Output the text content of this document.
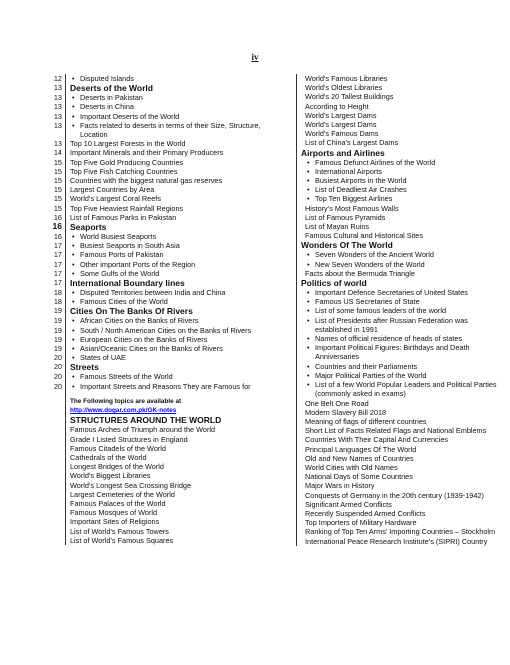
iv
12	• Disputed Islands
13 Deserts of the World
13	• Deserts in Pakistan
13	• Deserts in China
13	• Important Deserts of the World
13	• Facts related to deserts in terms of their Size, Structure, Location
13	Top 10 Largest Forests in the World
14	Important Minerals and their Primary Producers
15	Top Five Gold Producing Countries
15	Top Five Fish Catching Countries
15	Countries with the biggest natural gas reserves
15	Largest Countries by Area
15	World’s Largest Coral Reefs
15	Top Five Heaviest Rainfall Regions
16	List of Famous Parks in Pakistan
16 Seaports
16	• World Busiest Seaports
17	• Busiest Seaports in South Asia
17	• Famous Ports of Pakistan
17	• Other important Ports of the Region
17	• Some Gulfs of the World
17 International Boundary lines
18	• Disputed Territories between India and China
18	• Famous Cities of the World
19 Cities On The Banks Of Rivers
19	• African Cities on the Banks of Rivers
19	• South / North American Cities on the Banks of Rivers
19	• European Cities on the Banks of Rivers
19	• Asian/Oceanic Cities on the Banks of Rivers
20	• States of UAE
20 Streets
20	• Famous Streets of the World
20	• Important Streets and Reasons They are Famous for
The Following topics are available at
http://www.dogar.com.pk/GK-notes
STRUCTURES AROUND THE WORLD
Famous Arches of Triumph around the World
Grade I Listed Structures in England
Famous Citadels of the World
Cathedrals of the World
Longest Bridges of the World
World’s Biggest Libraries
World’s Longest Sea Crossing Bridge
Largest Cemeteries of the World
Famous Palaces of the World
Famous Mosques of World
Important Sites of Religions
List of World’s Famous Towers
List of World’s Famous Squares
World’s Famous Libraries
World’s Oldest Libraries
World’s 20 Tallest Buildings
According to Height
World’s Largest Dams
World’s Largest Dams
World’s Famous Dams
List of China’s Largest Dams
Airports and Airlines
• Famous Defunct Airlines of the World
• International Airports
• Busiest Airports in the World
• List of Deadliest Air Crashes
• Top Ten Biggest Airlines
History’s Most Famous Walls
List of Famous Pyramids
List of Mayan Ruins
Famous Cultural and Historical Sites
Wonders Of The World
• Seven Wonders of the Ancient World
• New Seven Wonders of the World
Facts about the Bermuda Triangle
Politics of world
• Important Defence Secretaries of United States
• Famous US Secretaries of State
• List of some famous leaders of the world
• List of Presidents after Russian Federation was established in 1991
• Names of official residence of heads of states
• Important Political Figures: Birthdays and Death Anniversaries
• Countries and their Parliaments
• Major Political Parties of the World
• List of a few World Popular Leaders and Political Parties (commonly asked in exams)
One Belt One Road
Modern Slavery Bill 2018
Meaning of flags of different countries
Short List of Facts Related Flags and National Emblems
Countries With Their Capital And Currencies
Principal Languages Of The World
Old and New Names of Countries
World Cities with Old Names
National Days of Some Countries
Major Wars in History
Conquests of Germany in the 20th century (1939-1942)
Significant Armed Conflicts
Recently Suspended Armed Conflicts
Top Importers of Military Hardware
Ranking of Top Ten Arms’ Importing Countries – Stockholm International Peace Research Institute’s (SIPRI) Country
